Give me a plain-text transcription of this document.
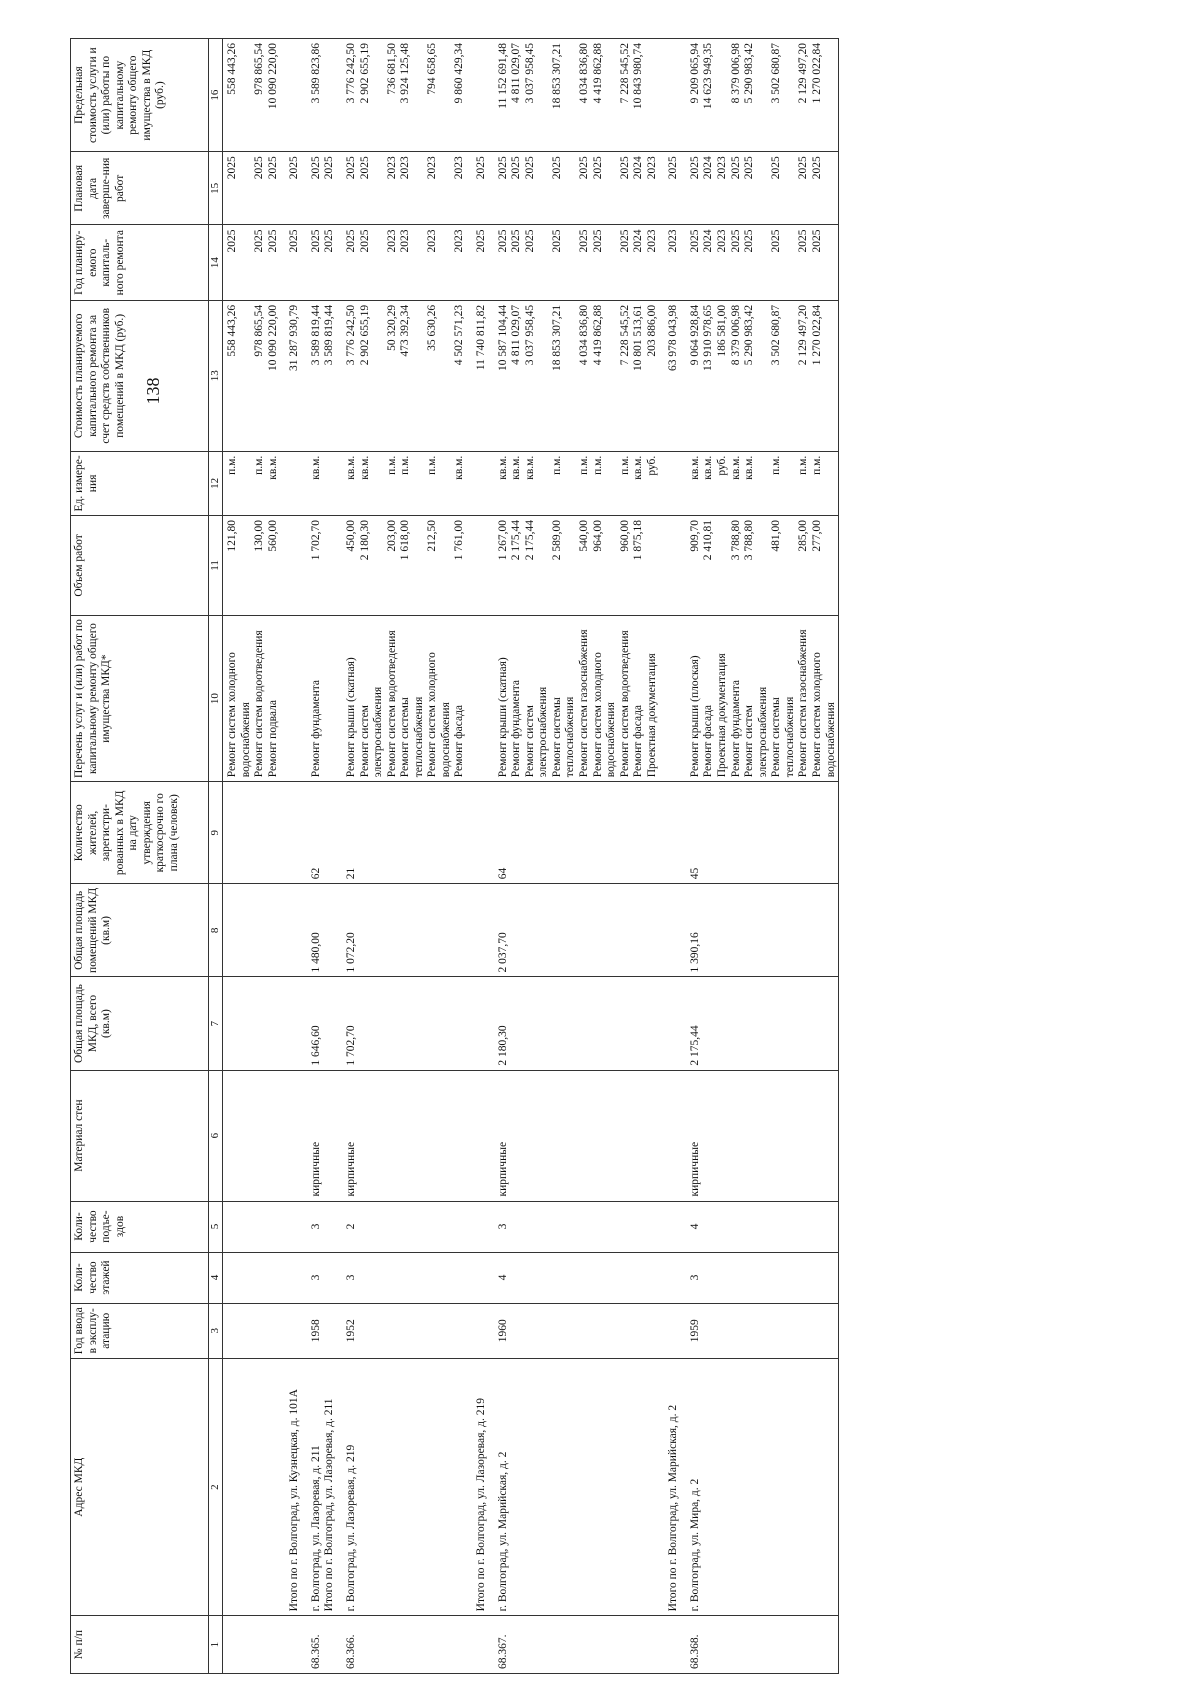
138
№ п/п	Адрес МКД	Год ввода в эксплу-атацию	Коли-чество этажей	Коли-чество подъе-здов	Материал стен	Общая площадь МКД, всего (кв.м)	Общая площадь помещений МКД (кв.м)	Количество жителей, зарегистри-рованных в МКД на дату утверждения краткосрочно го плана (человек)	Перечень услуг и (или) работ по капитальному ремонту общего имущества МКД*	Объем работ	Ед. измере-ния	Стоимость планируемого капитального ремонта за счет средств собственников помещений в МКД (руб.)	Год планиру-емого капиталь-ного ремонта	Плановая дата заверше-ния работ	Предельная стоимость услуги и (или) работы по капитальному ремонту общего имущества в МКД (руб.)
1	2	3	4	5	6	7	8	9	10	11	12	13	14	15	16
									Ремонт систем холодного водоснабжения	121,80	п.м.	558 443,26	2025	2025	558 443,26
									Ремонт систем водоотведения	130,00	п.м.	978 865,54	2025	2025	978 865,54
									Ремонт подвала	560,00	кв.м.	10 090 220,00	2025	2025	10 090 220,00
	Итого по г. Волгоград, ул. Кузнецкая, д. 101А											31 287 930,79	2025	2025	
68.365.	г. Волгоград, ул. Лазоревая, д. 211	1958	3	3	кирпичные	1 646,60	1 480,00	62	Ремонт фундамента	1 702,70	кв.м.	3 589 819,44	2025	2025	3 589 823,86
	Итого по г. Волгоград, ул. Лазоревая, д. 211											3 589 819,44	2025	2025	
68.366.	г. Волгоград, ул. Лазоревая, д. 219	1952	3	2	кирпичные	1 702,70	1 072,20	21	Ремонт крыши (скатная)	450,00	кв.м.	3 776 242,50	2025	2025	3 776 242,50
									Ремонт систем электроснабжения	2 180,30	кв.м.	2 902 655,19	2025	2025	2 902 655,19
									Ремонт систем водоотведения	203,00	п.м.	50 320,29	2023	2023	736 681,50
									Ремонт системы теплоснабжения	1 618,00	п.м.	473 392,34	2023	2023	3 924 125,48
									Ремонт систем холодного водоснабжения	212,50	п.м.	35 630,26	2023	2023	794 658,65
									Ремонт фасада	1 761,00	кв.м.	4 502 571,23	2023	2023	9 860 429,34
	Итого по г. Волгоград, ул. Лазоревая, д. 219											11 740 811,82	2025	2025	
68.367.	г. Волгоград, ул. Марийская, д. 2	1960	4	3	кирпичные	2 180,30	2 037,70	64	Ремонт крыши (скатная)	1 267,00	кв.м.	10 587 104,44	2025	2025	11 152 691,48
									Ремонт фундамента	2 175,44	кв.м.	4 811 029,07	2025	2025	4 811 029,07
									Ремонт систем электроснабжения	2 175,44	кв.м.	3 037 958,45	2025	2025	3 037 958,45
									Ремонт системы теплоснабжения	2 589,00	п.м.	18 853 307,21	2025	2025	18 853 307,21
									Ремонт систем газоснабжения	540,00	п.м.	4 034 836,80	2025	2025	4 034 836,80
									Ремонт систем холодного водоснабжения	964,00	п.м.	4 419 862,88	2025	2025	4 419 862,88
									Ремонт систем водоотведения	960,00	п.м.	7 228 545,52	2025	2025	7 228 545,52
									Ремонт фасада	1 875,18	кв.м.	10 801 513,61	2024	2024	10 843 980,74
									Проектная документация		руб.	203 886,00	2023	2023	
	Итого по г. Волгоград, ул. Марийская, д. 2											63 978 043,98	2023	2025	
68.368.	г. Волгоград, ул. Мира, д. 2	1959	3	4	кирпичные	2 175,44	1 390,16	45	Ремонт крыши (плоская)	909,70	кв.м.	9 064 928,84	2025	2025	9 209 065,94
									Ремонт фасада	2 410,81	кв.м.	13 910 978,65	2024	2024	14 623 949,35
									Проектная документация		руб.	186 581,00	2023	2023	
									Ремонт фундамента	3 788,80	кв.м.	8 379 006,98	2025	2025	8 379 006,98
									Ремонт систем электроснабжения	3 788,80	кв.м.	5 290 983,42	2025	2025	5 290 983,42
									Ремонт системы теплоснабжения	481,00	п.м.	3 502 680,87	2025	2025	3 502 680,87
									Ремонт систем газоснабжения	285,00	п.м.	2 129 497,20	2025	2025	2 129 497,20
									Ремонт систем холодного водоснабжения	277,00	п.м.	1 270 022,84	2025	2025	1 270 022,84
